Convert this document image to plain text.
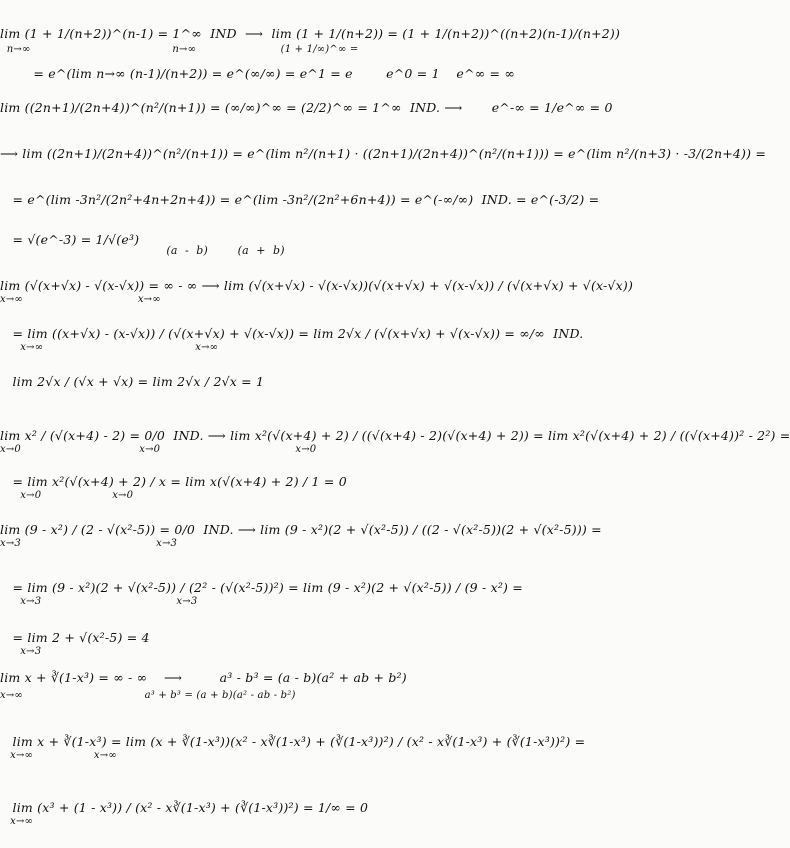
lim (1 + 1/(n+2))^(n-1) = 1^∞  IND  ⟶  lim (1 + 1/(n+2)) = (1 + 1/(n+2))^((n+2)(n-1)/(n+2))
n→∞                                          n→∞                         (1 + 1/∞)^∞ =
= e^(lim n→∞ (n-1)/(n+2)) = e^(∞/∞) = e^1 = e        e^0 = 1    e^∞ = ∞
lim ((2n+1)/(2n+4))^(n²/(n+1)) = (∞/∞)^∞ = (2/2)^∞ = 1^∞  IND. ⟶       e^-∞ = 1/e^∞ = 0
⟶ lim ((2n+1)/(2n+4))^(n²/(n+1)) = e^(lim n²/(n+1) · ((2n+1)/(2n+4))^(n²/(n+1))) = e^(lim n²/(n+3) · -3/(2n+4)) =
= e^(lim -3n²/(2n²+4n+2n+4)) = e^(lim -3n²/(2n²+6n+4)) = e^(-∞/∞)  IND. = e^(-3/2) =
= √(e^-3) = 1/√(e³)
(a  -  b)        (a  +  b)
lim (√(x+√x) - √(x-√x)) = ∞ - ∞ ⟶ lim (√(x+√x) - √(x-√x))(√(x+√x) + √(x-√x)) / (√(x+√x) + √(x-√x))
x→∞                                  x→∞
= lim ((x+√x) - (x-√x)) / (√(x+√x) + √(x-√x)) = lim 2√x / (√(x+√x) + √(x-√x)) = ∞/∞  IND.
x→∞                                             x→∞
lim 2√x / (√x + √x) = lim 2√x / 2√x = 1
lim x² / (√(x+4) - 2) = 0/0  IND. ⟶ lim x²(√(x+4) + 2) / ((√(x+4) - 2)(√(x+4) + 2)) = lim x²(√(x+4) + 2) / ((√(x+4))² - 2²) =
x→0                                   x→0                                        x→0
= lim x²(√(x+4) + 2) / x = lim x(√(x+4) + 2) / 1 = 0
x→0                     x→0
lim (9 - x²) / (2 - √(x²-5)) = 0/0  IND. ⟶ lim (9 - x²)(2 + √(x²-5)) / ((2 - √(x²-5))(2 + √(x²-5))) =
x→3                                        x→3
= lim (9 - x²)(2 + √(x²-5)) / (2² - (√(x²-5))²) = lim (9 - x²)(2 + √(x²-5)) / (9 - x²) =
x→3                                        x→3
= lim 2 + √(x²-5) = 4
x→3
lim x + ∛(1-x³) = ∞ - ∞    ⟶         a³ - b³ = (a - b)(a² + ab + b²)
x→∞                                    a³ + b³ = (a + b)(a² - ab - b²)
lim x + ∛(1-x³) = lim (x + ∛(1-x³))(x² - x∛(1-x³) + (∛(1-x³))²) / (x² - x∛(1-x³) + (∛(1-x³))²) =
x→∞                  x→∞
lim (x³ + (1 - x³)) / (x² - x∛(1-x³) + (∛(1-x³))²) = 1/∞ = 0
x→∞
